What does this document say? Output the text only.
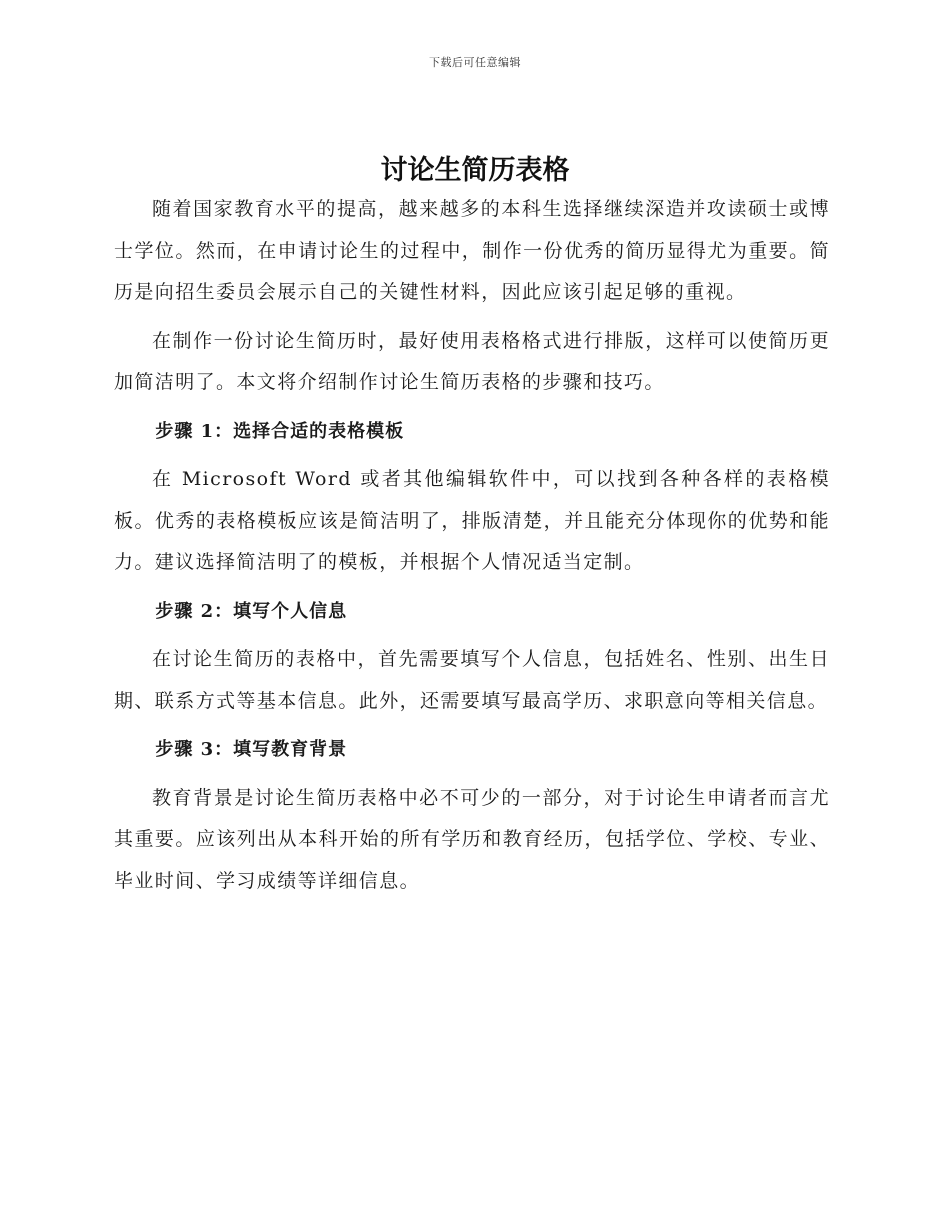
下载后可任意编辑
讨论生简历表格

随着国家教育水平的提高，越来越多的本科生选择继续深造并攻读硕士或博士学位。然而，在申请讨论生的过程中，制作一份优秀的简历显得尤为重要。简历是向招生委员会展示自己的关键性材料，因此应该引起足够的重视。

在制作一份讨论生简历时，最好使用表格格式进行排版，这样可以使简历更加简洁明了。本文将介绍制作讨论生简历表格的步骤和技巧。

步骤 1：选择合适的表格模板

在 Microsoft Word 或者其他编辑软件中，可以找到各种各样的表格模板。优秀的表格模板应该是简洁明了，排版清楚，并且能充分体现你的优势和能力。建议选择简洁明了的模板，并根据个人情况适当定制。

步骤 2：填写个人信息

在讨论生简历的表格中，首先需要填写个人信息，包括姓名、性别、出生日期、联系方式等基本信息。此外，还需要填写最高学历、求职意向等相关信息。

步骤 3：填写教育背景

教育背景是讨论生简历表格中必不可少的一部分，对于讨论生申请者而言尤其重要。应该列出从本科开始的所有学历和教育经历，包括学位、学校、专业、毕业时间、学习成绩等详细信息。
